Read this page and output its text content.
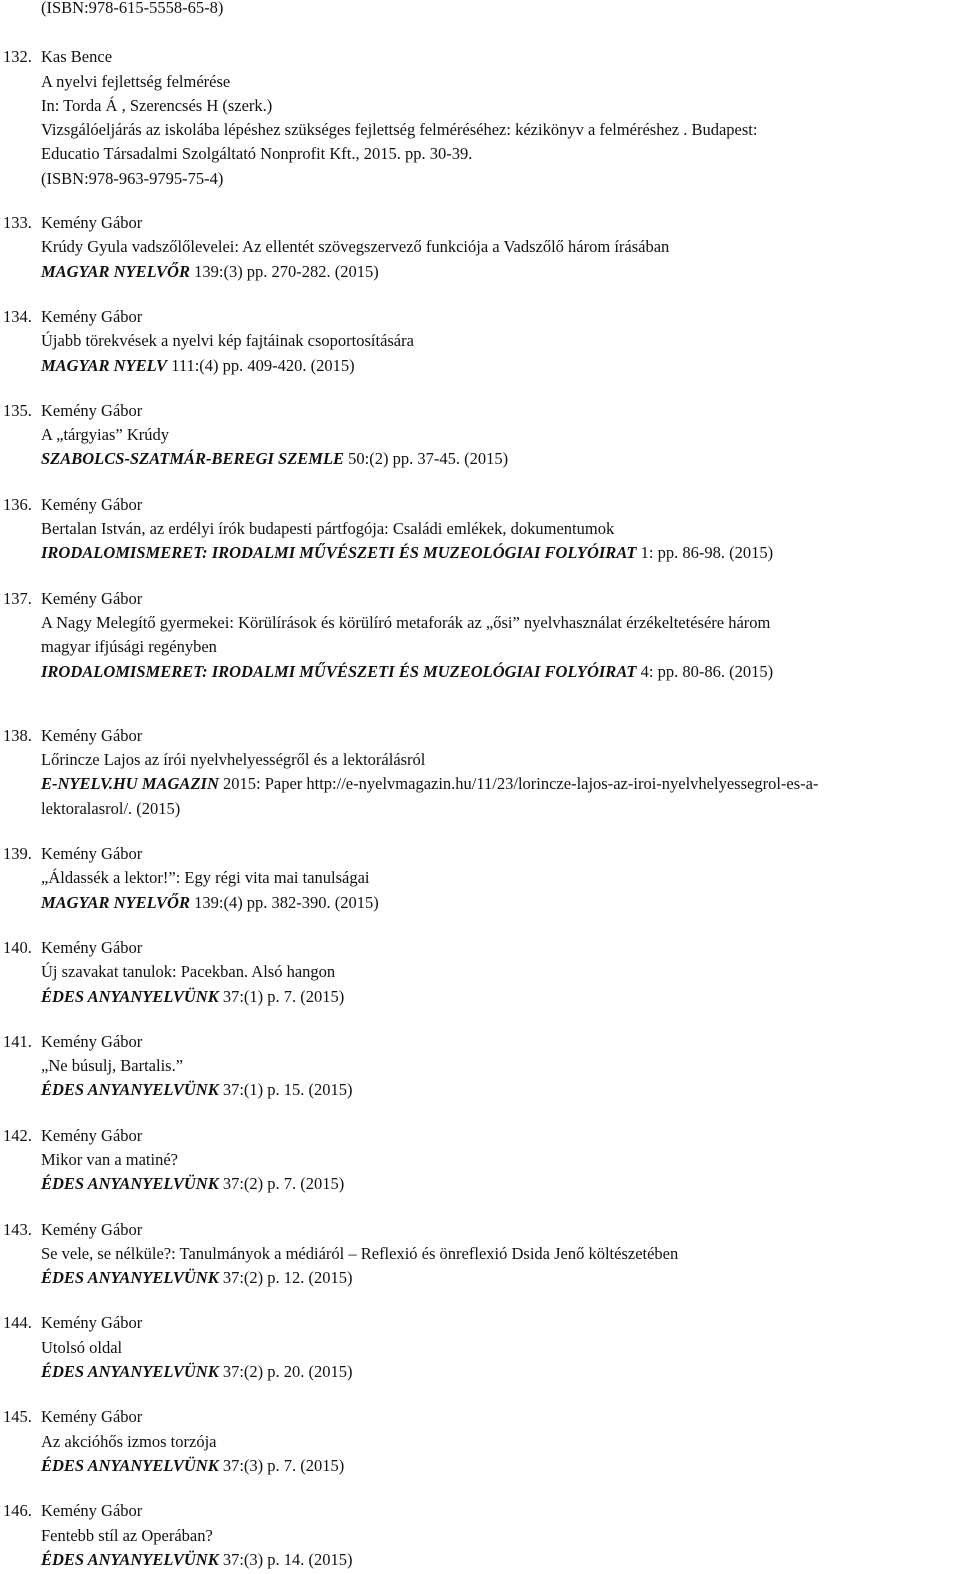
(ISBN:978-615-5558-65-8)
132. Kas Bence
A nyelvi fejlettség felmérése
In: Torda Á , Szerencsés H (szerk.)
Vizsgálóeljárás az iskolába lépéshez szükséges fejlettség felméréséhez: kézikönyv a felméréshez . Budapest:
Educatio Társadalmi Szolgáltató Nonprofit Kft., 2015. pp. 30-39.
(ISBN:978-963-9795-75-4)
133. Kemény Gábor
Krúdy Gyula vadszőlőlevelei: Az ellentét szövegszervező funkciója a Vadszőlő három írásában
MAGYAR NYELVŐR 139:(3) pp. 270-282. (2015)
134. Kemény Gábor
Újabb törekvések a nyelvi kép fajtáinak csoportosítására
MAGYAR NYELV 111:(4) pp. 409-420. (2015)
135. Kemény Gábor
A „tárgyias” Krúdy
SZABOLCS-SZATMÁR-BEREGI SZEMLE 50:(2) pp. 37-45. (2015)
136. Kemény Gábor
Bertalan István, az erdélyi írók budapesti pártfogója: Családi emlékek, dokumentumok
IRODALOMISMERET: IRODALMI MŰVÉSZETI ÉS MUZEOLÓGIAI FOLYÓIRAT 1: pp. 86-98. (2015)
137. Kemény Gábor
A Nagy Melegítő gyermekei: Körülírások és körülíró metaforák az „ősi” nyelvhasználat érzékeltetésére három
magyar ifjúsági regényben
IRODALOMISMERET: IRODALMI MŰVÉSZETI ÉS MUZEOLÓGIAI FOLYÓIRAT 4: pp. 80-86. (2015)
138. Kemény Gábor
Lőrincze Lajos az írói nyelvhelyességről és a lektorálásról
E-NYELV.HU MAGAZIN 2015: Paper http://e-nyelvmagazin.hu/11/23/lorincze-lajos-az-iroi-nyelvhelyessegrol-es-a-
lektoralasrol/. (2015)
139. Kemény Gábor
„Áldassék a lektor!”: Egy régi vita mai tanulságai
MAGYAR NYELVŐR 139:(4) pp. 382-390. (2015)
140. Kemény Gábor
Új szavakat tanulok: Pacekban. Alsó hangon
ÉDES ANYANYELVÜNK 37:(1) p. 7. (2015)
141. Kemény Gábor
„Ne búsulj, Bartalis.”
ÉDES ANYANYELVÜNK 37:(1) p. 15. (2015)
142. Kemény Gábor
Mikor van a matiné?
ÉDES ANYANYELVÜNK 37:(2) p. 7. (2015)
143. Kemény Gábor
Se vele, se nélküle?: Tanulmányok a médiáról – Reflexió és önreflexió Dsida Jenő költészetében
ÉDES ANYANYELVÜNK 37:(2) p. 12. (2015)
144. Kemény Gábor
Utolsó oldal
ÉDES ANYANYELVÜNK 37:(2) p. 20. (2015)
145. Kemény Gábor
Az akcióhős izmos torzója
ÉDES ANYANYELVÜNK 37:(3) p. 7. (2015)
146. Kemény Gábor
Fentebb stíl az Operában?
ÉDES ANYANYELVÜNK 37:(3) p. 14. (2015)
